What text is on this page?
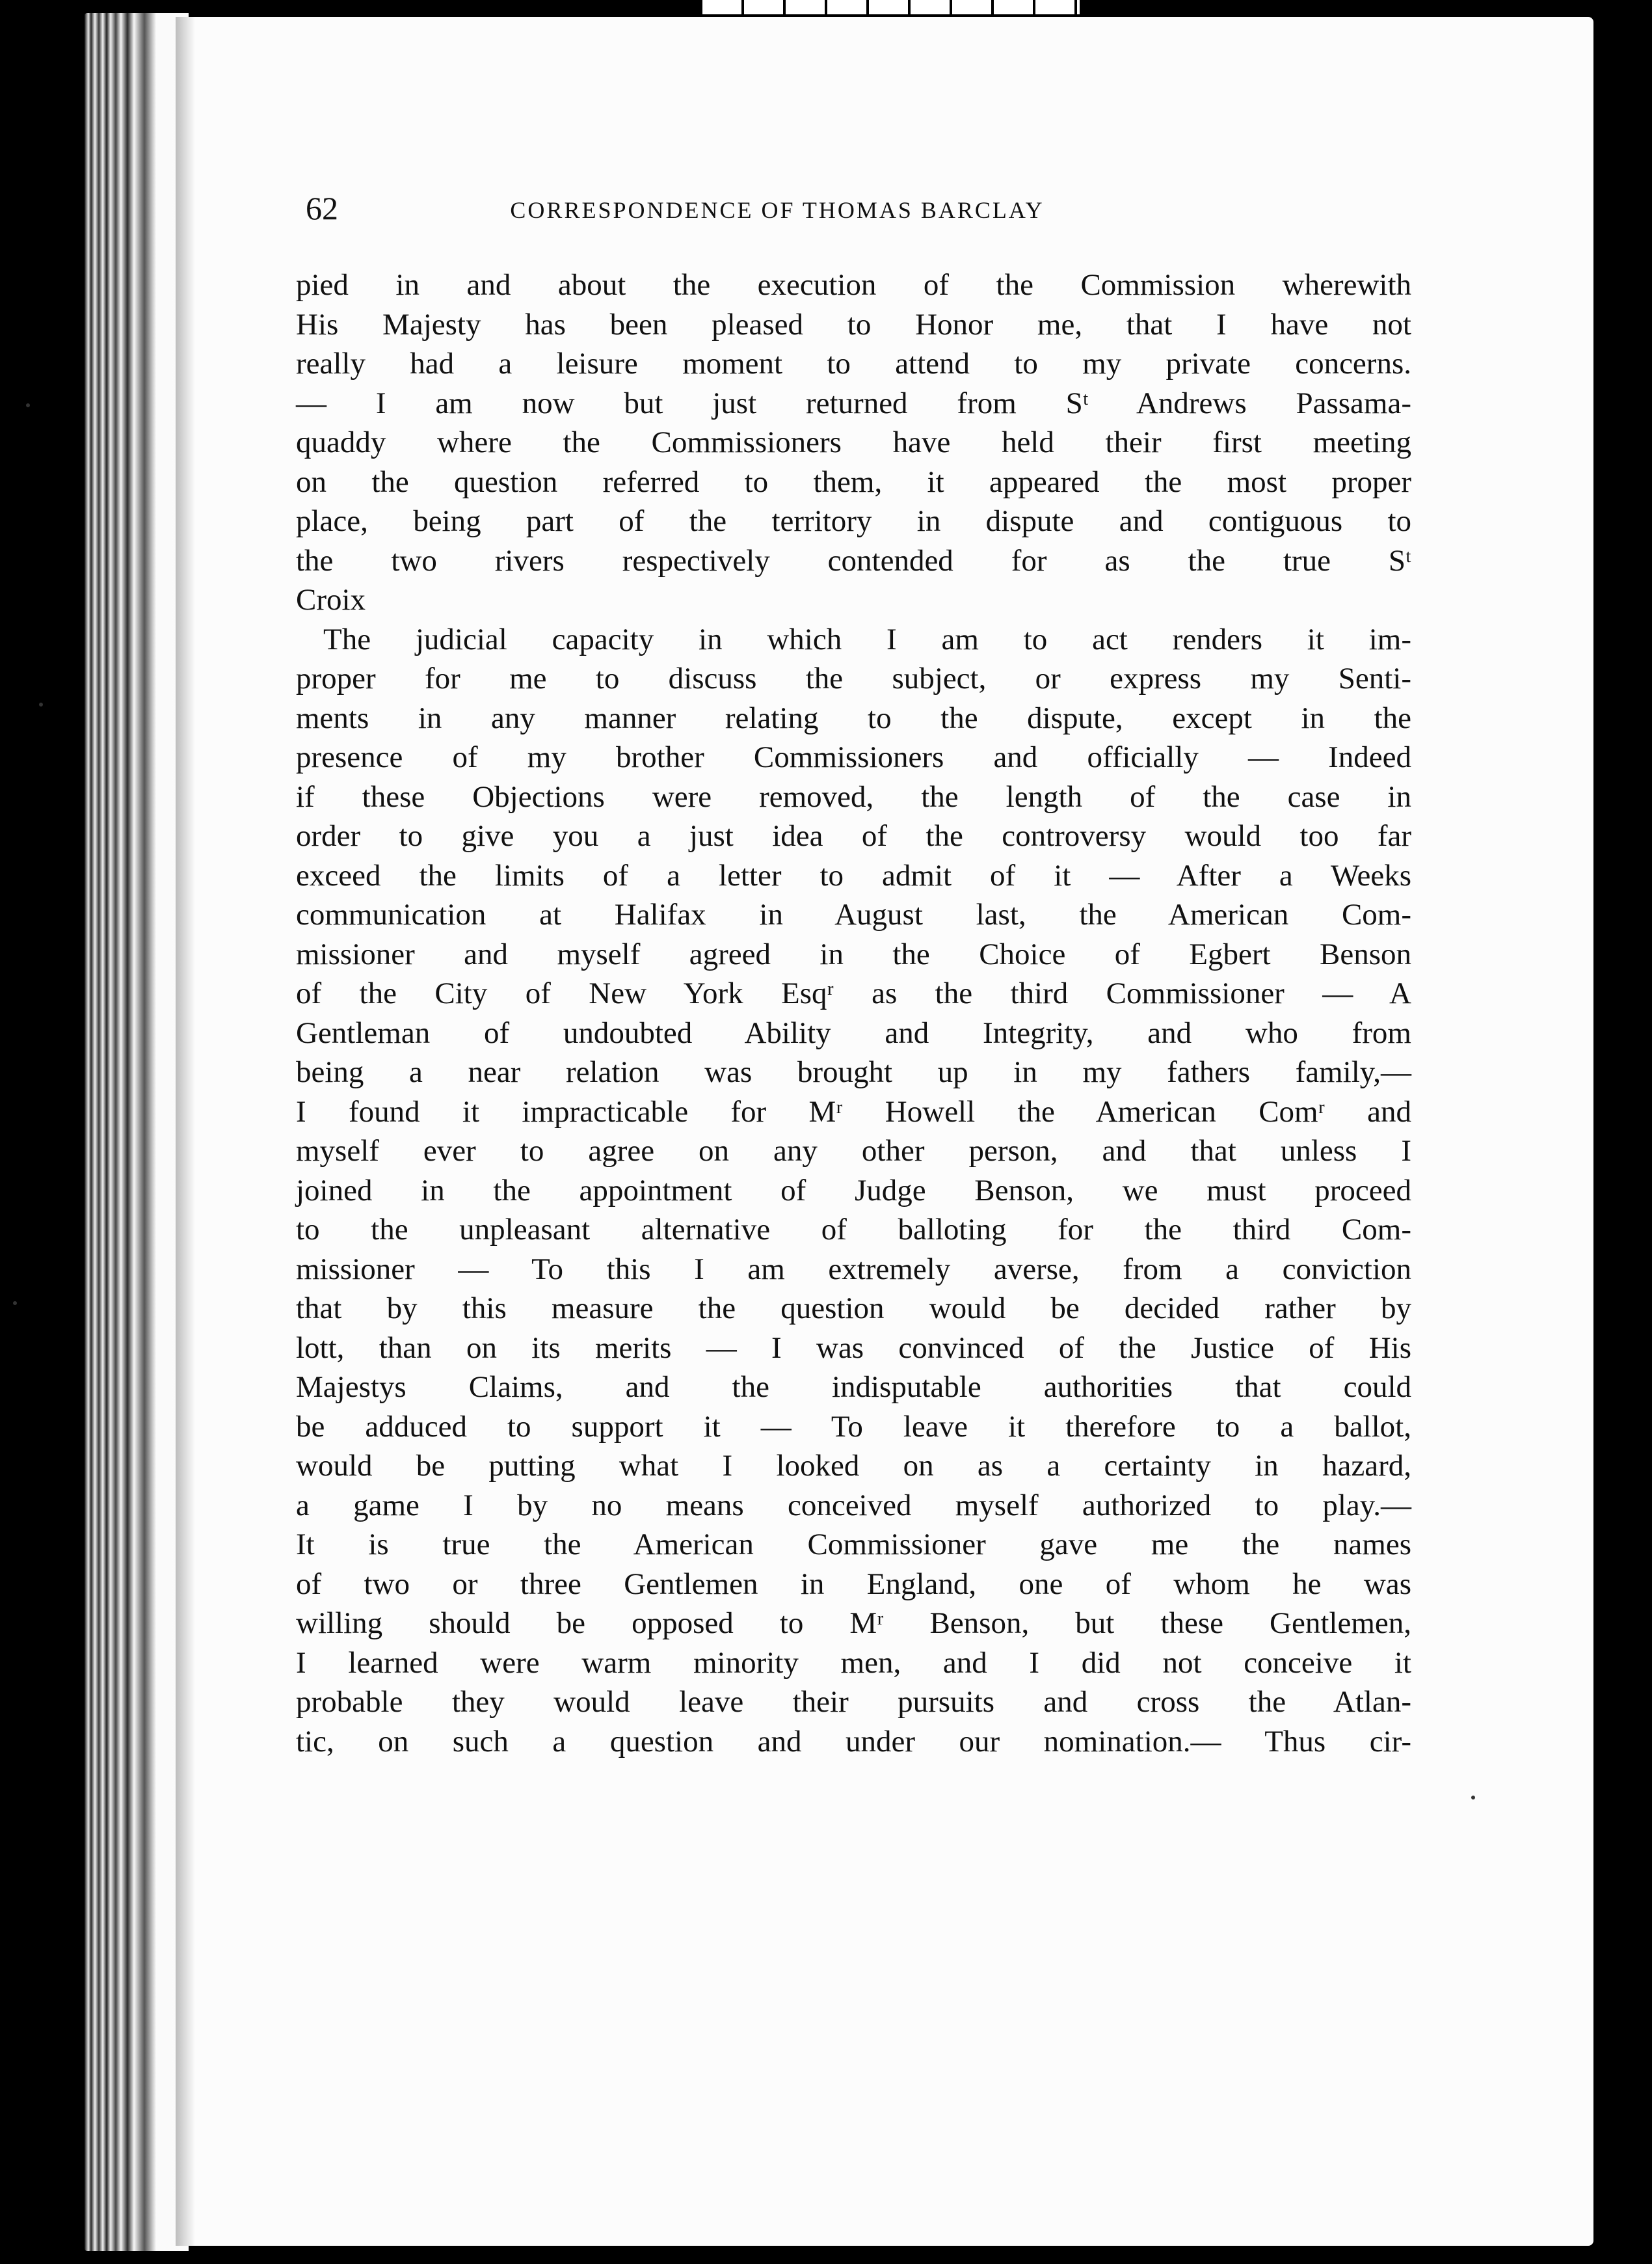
62	CORRESPONDENCE OF THOMAS BARCLAY
pied in and about the execution of the Commission wherewith
His Majesty has been pleased to Honor me, that I have not
really had a leisure moment to attend to my private concerns.
— I am now but just returned from Sᵗ Andrews Passama-
quaddy where the Commissioners have held their first meeting
on the question referred to them, it appeared the most proper
place, being part of the territory in dispute and contiguous to
the two rivers respectively contended for as the true Sᵗ
Croix
The judicial capacity in which I am to act renders it im-
proper for me to discuss the subject, or express my Senti-
ments in any manner relating to the dispute, except in the
presence of my brother Commissioners and officially — Indeed
if these Objections were removed, the length of the case in
order to give you a just idea of the controversy would too far
exceed the limits of a letter to admit of it — After a Weeks
communication at Halifax in August last, the American Com-
missioner and myself agreed in the Choice of Egbert Benson
of the City of New York Esqʳ as the third Commissioner — A
Gentleman of undoubted Ability and Integrity, and who from
being a near relation was brought up in my fathers family,—
I found it impracticable for Mʳ Howell the American Comʳ and
myself ever to agree on any other person, and that unless I
joined in the appointment of Judge Benson, we must proceed
to the unpleasant alternative of balloting for the third Com-
missioner — To this I am extremely averse, from a conviction
that by this measure the question would be decided rather by
lott, than on its merits — I was convinced of the Justice of His
Majestys Claims, and the indisputable authorities that could
be adduced to support it — To leave it therefore to a ballot,
would be putting what I looked on as a certainty in hazard,
a game I by no means conceived myself authorized to play.—
It is true the American Commissioner gave me the names
of two or three Gentlemen in England, one of whom he was
willing should be opposed to Mʳ Benson, but these Gentlemen,
I learned were warm minority men, and I did not conceive it
probable they would leave their pursuits and cross the Atlan-
tic, on such a question and under our nomination.— Thus cir-
